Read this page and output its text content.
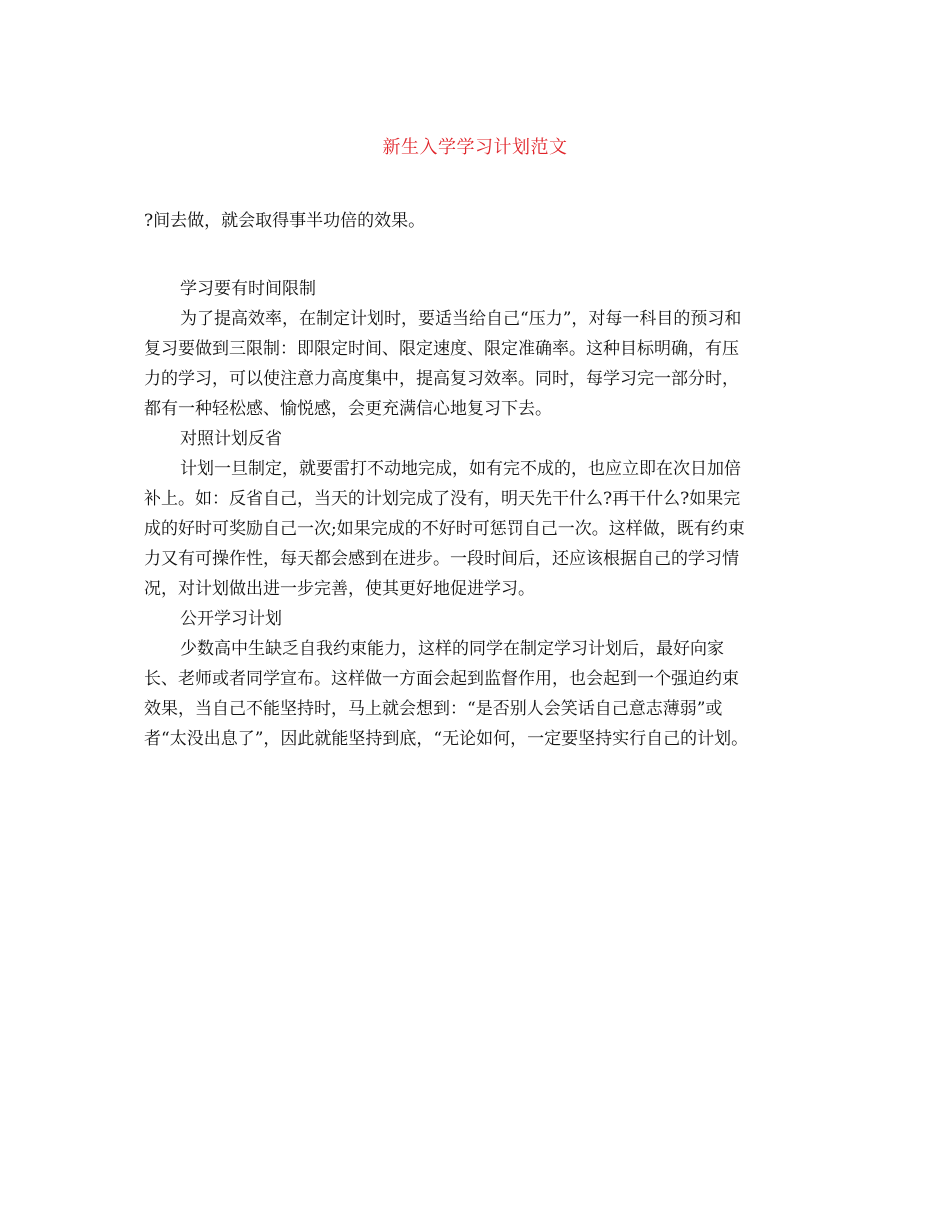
新生入学学习计划范文

?间去做，就会取得事半功倍的效果。

学习要有时间限制

为了提高效率，在制定计划时，要适当给自己“压力”，对每一科目的预习和
复习要做到三限制：即限定时间、限定速度、限定准确率。这种目标明确，有压
力的学习，可以使注意力高度集中，提高复习效率。同时，每学习完一部分时，
都有一种轻松感、愉悦感，会更充满信心地复习下去。

对照计划反省

计划一旦制定，就要雷打不动地完成，如有完不成的，也应立即在次日加倍
补上。如：反省自己，当天的计划完成了没有，明天先干什么?再干什么?如果完
成的好时可奖励自己一次;如果完成的不好时可惩罚自己一次。这样做，既有约束
力又有可操作性，每天都会感到在进步。一段时间后，还应该根据自己的学习情
况，对计划做出进一步完善，使其更好地促进学习。

公开学习计划

少数高中生缺乏自我约束能力，这样的同学在制定学习计划后，最好向家
长、老师或者同学宣布。这样做一方面会起到监督作用，也会起到一个强迫约束
效果，当自己不能坚持时，马上就会想到：“是否别人会笑话自己意志薄弱”或
者“太没出息了”，因此就能坚持到底，“无论如何，一定要坚持实行自己的计划。
